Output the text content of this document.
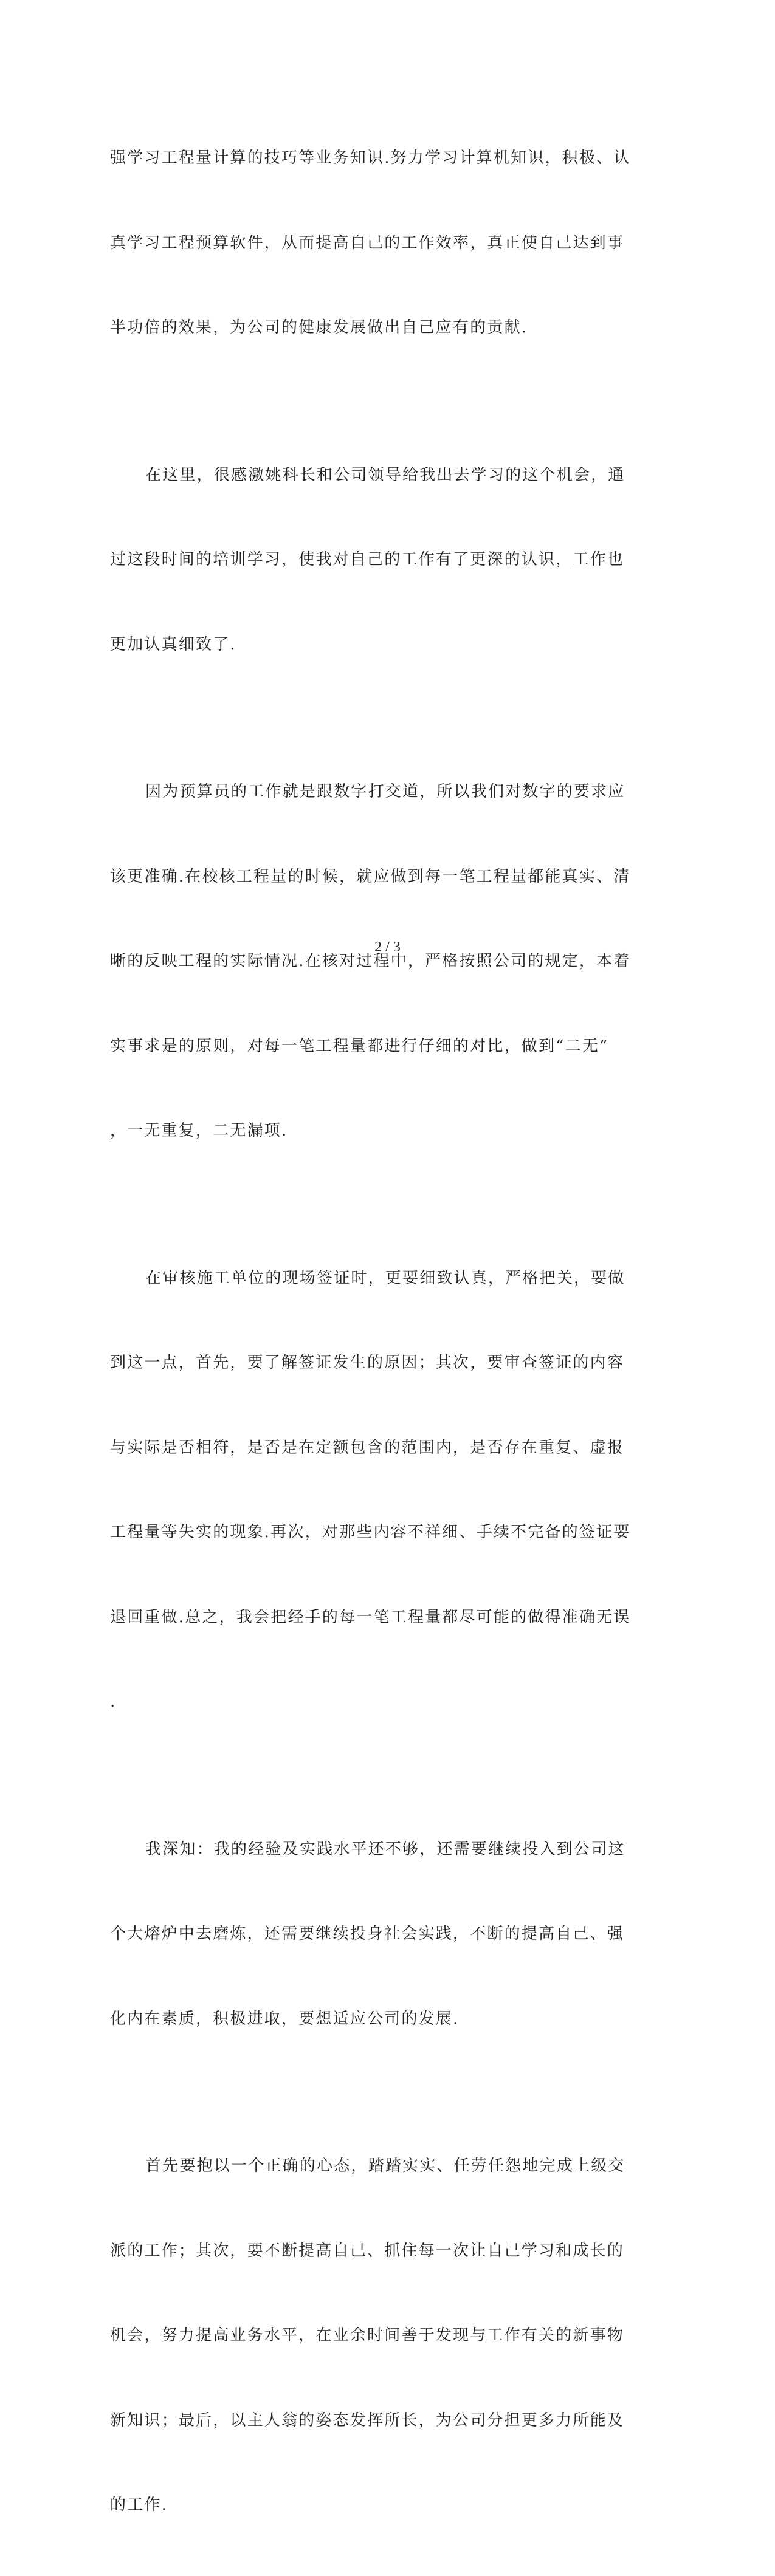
强学习工程量计算的技巧等业务知识.努力学习计算机知识，积极、认

真学习工程预算软件，从而提高自己的工作效率，真正使自己达到事

半功倍的效果，为公司的健康发展做出自己应有的贡献.

在这里，很感激姚科长和公司领导给我出去学习的这个机会，通

过这段时间的培训学习，使我对自己的工作有了更深的认识，工作也

更加认真细致了.

因为预算员的工作就是跟数字打交道，所以我们对数字的要求应

该更准确.在校核工程量的时候，就应做到每一笔工程量都能真实、清

晰的反映工程的实际情况.在核对过程中，严格按照公司的规定，本着

实事求是的原则，对每一笔工程量都进行仔细的对比，做到“二无”

，一无重复，二无漏项.

在审核施工单位的现场签证时，更要细致认真，严格把关，要做

到这一点，首先，要了解签证发生的原因；其次，要审查签证的内容

与实际是否相符，是否是在定额包含的范围内，是否存在重复、虚报

工程量等失实的现象.再次，对那些内容不祥细、手续不完备的签证要

退回重做.总之，我会把经手的每一笔工程量都尽可能的做得准确无误

.

我深知：我的经验及实践水平还不够，还需要继续投入到公司这

个大熔炉中去磨炼，还需要继续投身社会实践，不断的提高自己、强

化内在素质，积极进取，要想适应公司的发展.

首先要抱以一个正确的心态，踏踏实实、任劳任怨地完成上级交

派的工作；其次，要不断提高自己、抓住每一次让自己学习和成长的

机会，努力提高业务水平，在业余时间善于发现与工作有关的新事物

新知识；最后，以主人翁的姿态发挥所长，为公司分担更多力所能及

的工作.

2 / 3
